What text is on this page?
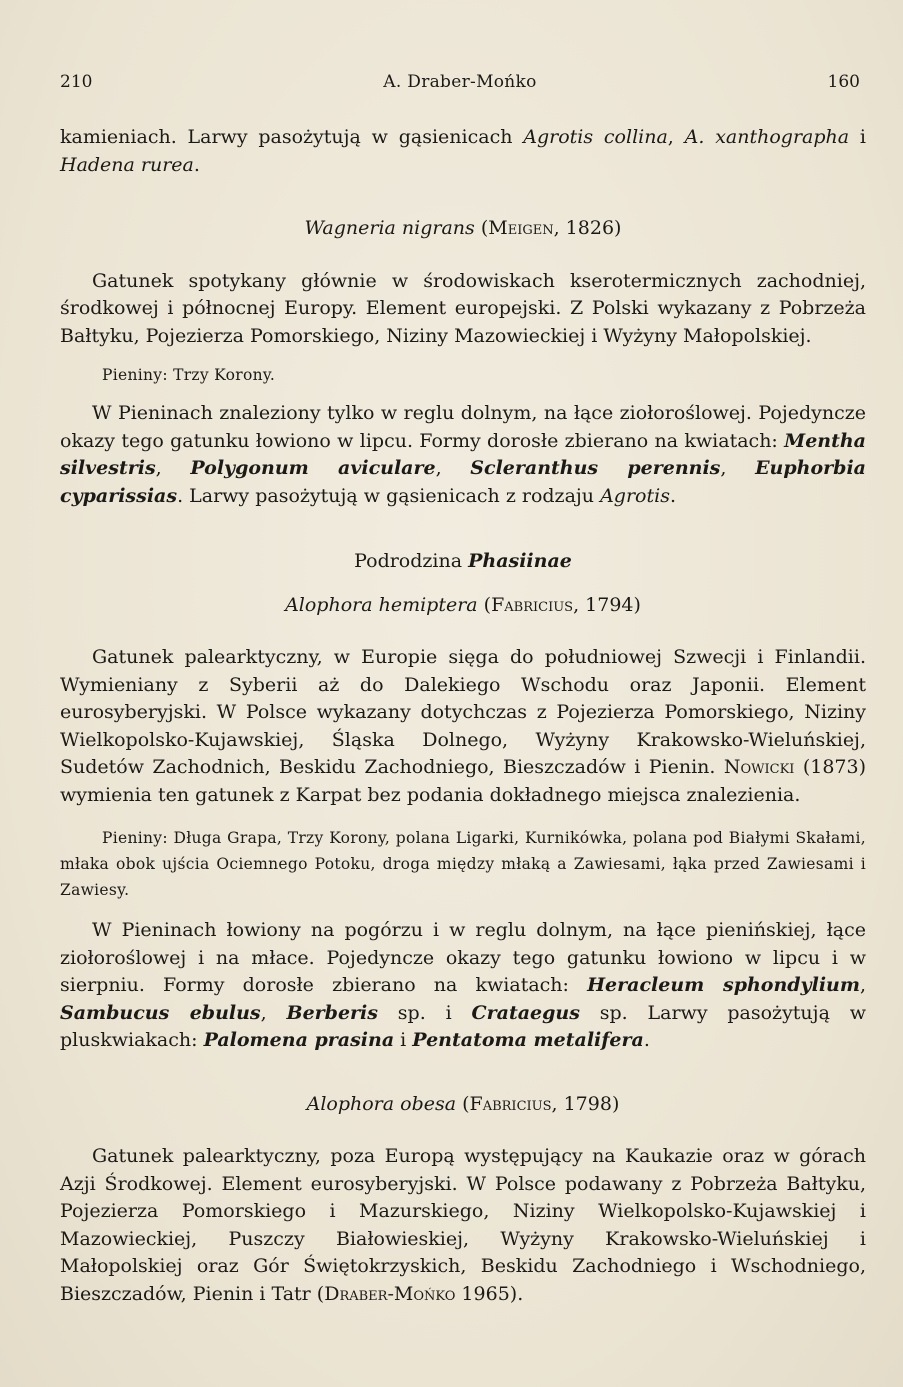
210	A. Draber-Mońko	160

kamieniach. Larwy pasożytują w gąsienicach Agrotis collina, A. xanthographa i Hadena rurea.

Wagneria nigrans (Meigen, 1826)

Gatunek spotykany głównie w środowiskach kserotermicznych zachodniej, środkowej i północnej Europy. Element europejski. Z Polski wykazany z Pobrzeża Bałtyku, Pojezierza Pomorskiego, Niziny Mazowieckiej i Wyżyny Małopolskiej.

Pieniny: Trzy Korony.

W Pieninach znaleziony tylko w reglu dolnym, na łące ziołoroślowej. Pojedyncze okazy tego gatunku łowiono w lipcu. Formy dorosłe zbierano na kwiatach: Mentha silvestris, Polygonum aviculare, Scleranthus perennis, Euphorbia cyparissias. Larwy pasożytują w gąsienicach z rodzaju Agrotis.

Podrodzina Phasiinae
Alophora hemiptera (Fabricius, 1794)

Gatunek palearktyczny, w Europie sięga do południowej Szwecji i Finlandii. Wymieniany z Syberii aż do Dalekiego Wschodu oraz Japonii. Element eurosyberyjski. W Polsce wykazany dotychczas z Pojezierza Pomorskiego, Niziny Wielkopolsko-Kujawskiej, Śląska Dolnego, Wyżyny Krakowsko-Wieluńskiej, Sudetów Zachodnich, Beskidu Zachodniego, Bieszczadów i Pienin. Nowicki (1873) wymienia ten gatunek z Karpat bez podania dokładnego miejsca znalezienia.

Pieniny: Długa Grapa, Trzy Korony, polana Ligarki, Kurnikówka, polana pod Białymi Skałami, młaka obok ujścia Ociemnego Potoku, droga między młaką a Zawiesami, łąka przed Zawiesami i Zawiesy.

W Pieninach łowiony na pogórzu i w reglu dolnym, na łące pienińskiej, łące ziołoroślowej i na młace. Pojedyncze okazy tego gatunku łowiono w lipcu i w sierpniu. Formy dorosłe zbierano na kwiatach: Heracleum sphondylium, Sambucus ebulus, Berberis sp. i Crataegus sp. Larwy pasożytują w pluskwiakach: Palomena prasina i Pentatoma metalifera.

Alophora obesa (Fabricius, 1798)

Gatunek palearktyczny, poza Europą występujący na Kaukazie oraz w górach Azji Środkowej. Element eurosyberyjski. W Polsce podawany z Pobrzeża Bałtyku, Pojezierza Pomorskiego i Mazurskiego, Niziny Wielkopolsko-Kujawskiej i Mazowieckiej, Puszczy Białowieskiej, Wyżyny Krakowsko-Wieluńskiej i Małopolskiej oraz Gór Świętokrzyskich, Beskidu Zachodniego i Wschodniego, Bieszczadów, Pienin i Tatr (Draber-Mońko 1965).
